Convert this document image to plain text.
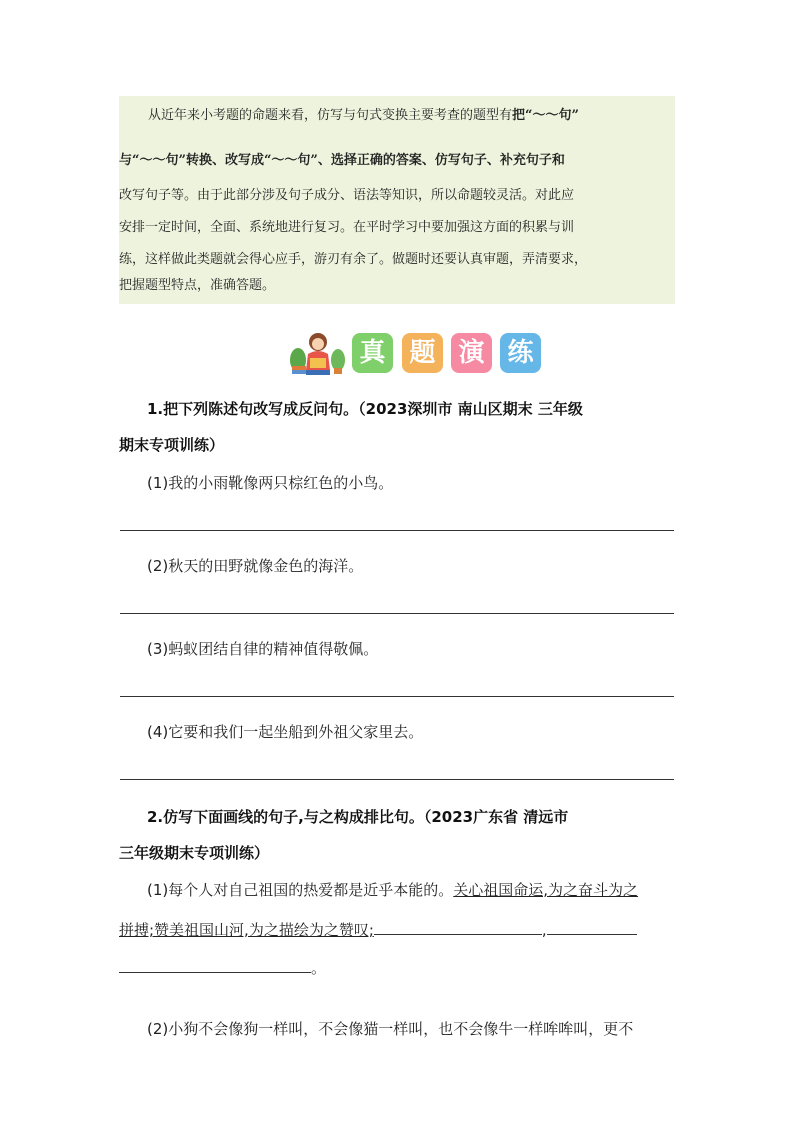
从近年来小考题的命题来看，仿写与句式变换主要考查的题型有把“～～句”
与“～～句”转换、改写成“～～句”、选择正确的答案、仿写句子、补充句子和
改写句子等。由于此部分涉及句子成分、语法等知识，所以命题较灵活。对此应
安排一定时间，全面、系统地进行复习。在平时学习中要加强这方面的积累与训
练，这样做此类题就会得心应手，游刃有余了。做题时还要认真审题，弄清要求，
把握题型特点，准确答题。
真 题 演 练
1.把下列陈述句改写成反问句。（2023深圳市 南山区期末 三年级
期末专项训练）
(1)我的小雨靴像两只棕红色的小鸟。
(2)秋天的田野就像金色的海洋。
(3)蚂蚁团结自律的精神值得敬佩。
(4)它要和我们一起坐船到外祖父家里去。
2.仿写下面画线的句子,与之构成排比句。（2023广东省 清远市
三年级期末专项训练）
(1)每个人对自己祖国的热爱都是近乎本能的。关心祖国命运,为之奋斗为之
拼搏;赞美祖国山河,为之描绘为之赞叹;	,
。
(2)小狗不会像狗一样叫，不会像猫一样叫，也不会像牛一样哞哞叫，更不
